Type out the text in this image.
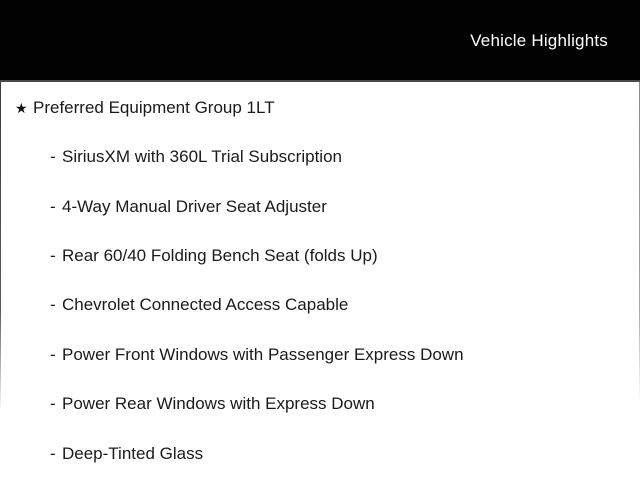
Vehicle Highlights
★ Preferred Equipment Group 1LT
- SiriusXM with 360L Trial Subscription
- 4-Way Manual Driver Seat Adjuster
- Rear 60/40 Folding Bench Seat (folds Up)
- Chevrolet Connected Access Capable
- Power Front Windows with Passenger Express Down
- Power Rear Windows with Express Down
- Deep-Tinted Glass
